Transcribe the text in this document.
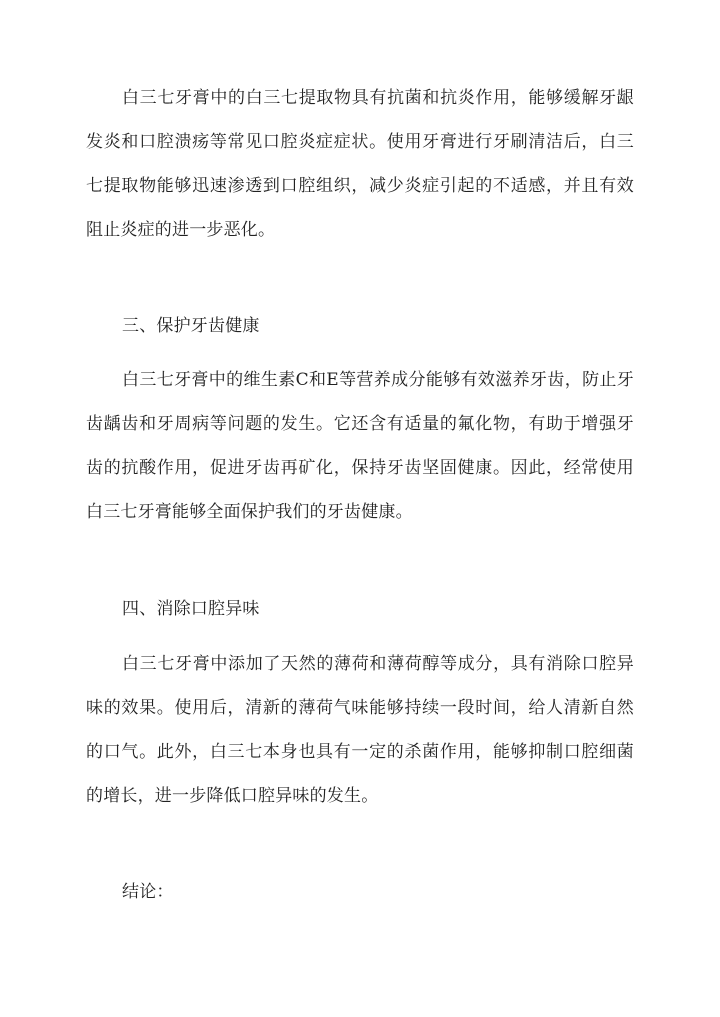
白三七牙膏中的白三七提取物具有抗菌和抗炎作用，能够缓解牙龈发炎和口腔溃疡等常见口腔炎症症状。使用牙膏进行牙刷清洁后，白三七提取物能够迅速渗透到口腔组织，减少炎症引起的不适感，并且有效阻止炎症的进一步恶化。

三、保护牙齿健康

白三七牙膏中的维生素C和E等营养成分能够有效滋养牙齿，防止牙齿龋齿和牙周病等问题的发生。它还含有适量的氟化物，有助于增强牙齿的抗酸作用，促进牙齿再矿化，保持牙齿坚固健康。因此，经常使用白三七牙膏能够全面保护我们的牙齿健康。

四、消除口腔异味

白三七牙膏中添加了天然的薄荷和薄荷醇等成分，具有消除口腔异味的效果。使用后，清新的薄荷气味能够持续一段时间，给人清新自然的口气。此外，白三七本身也具有一定的杀菌作用，能够抑制口腔细菌的增长，进一步降低口腔异味的发生。

结论：
